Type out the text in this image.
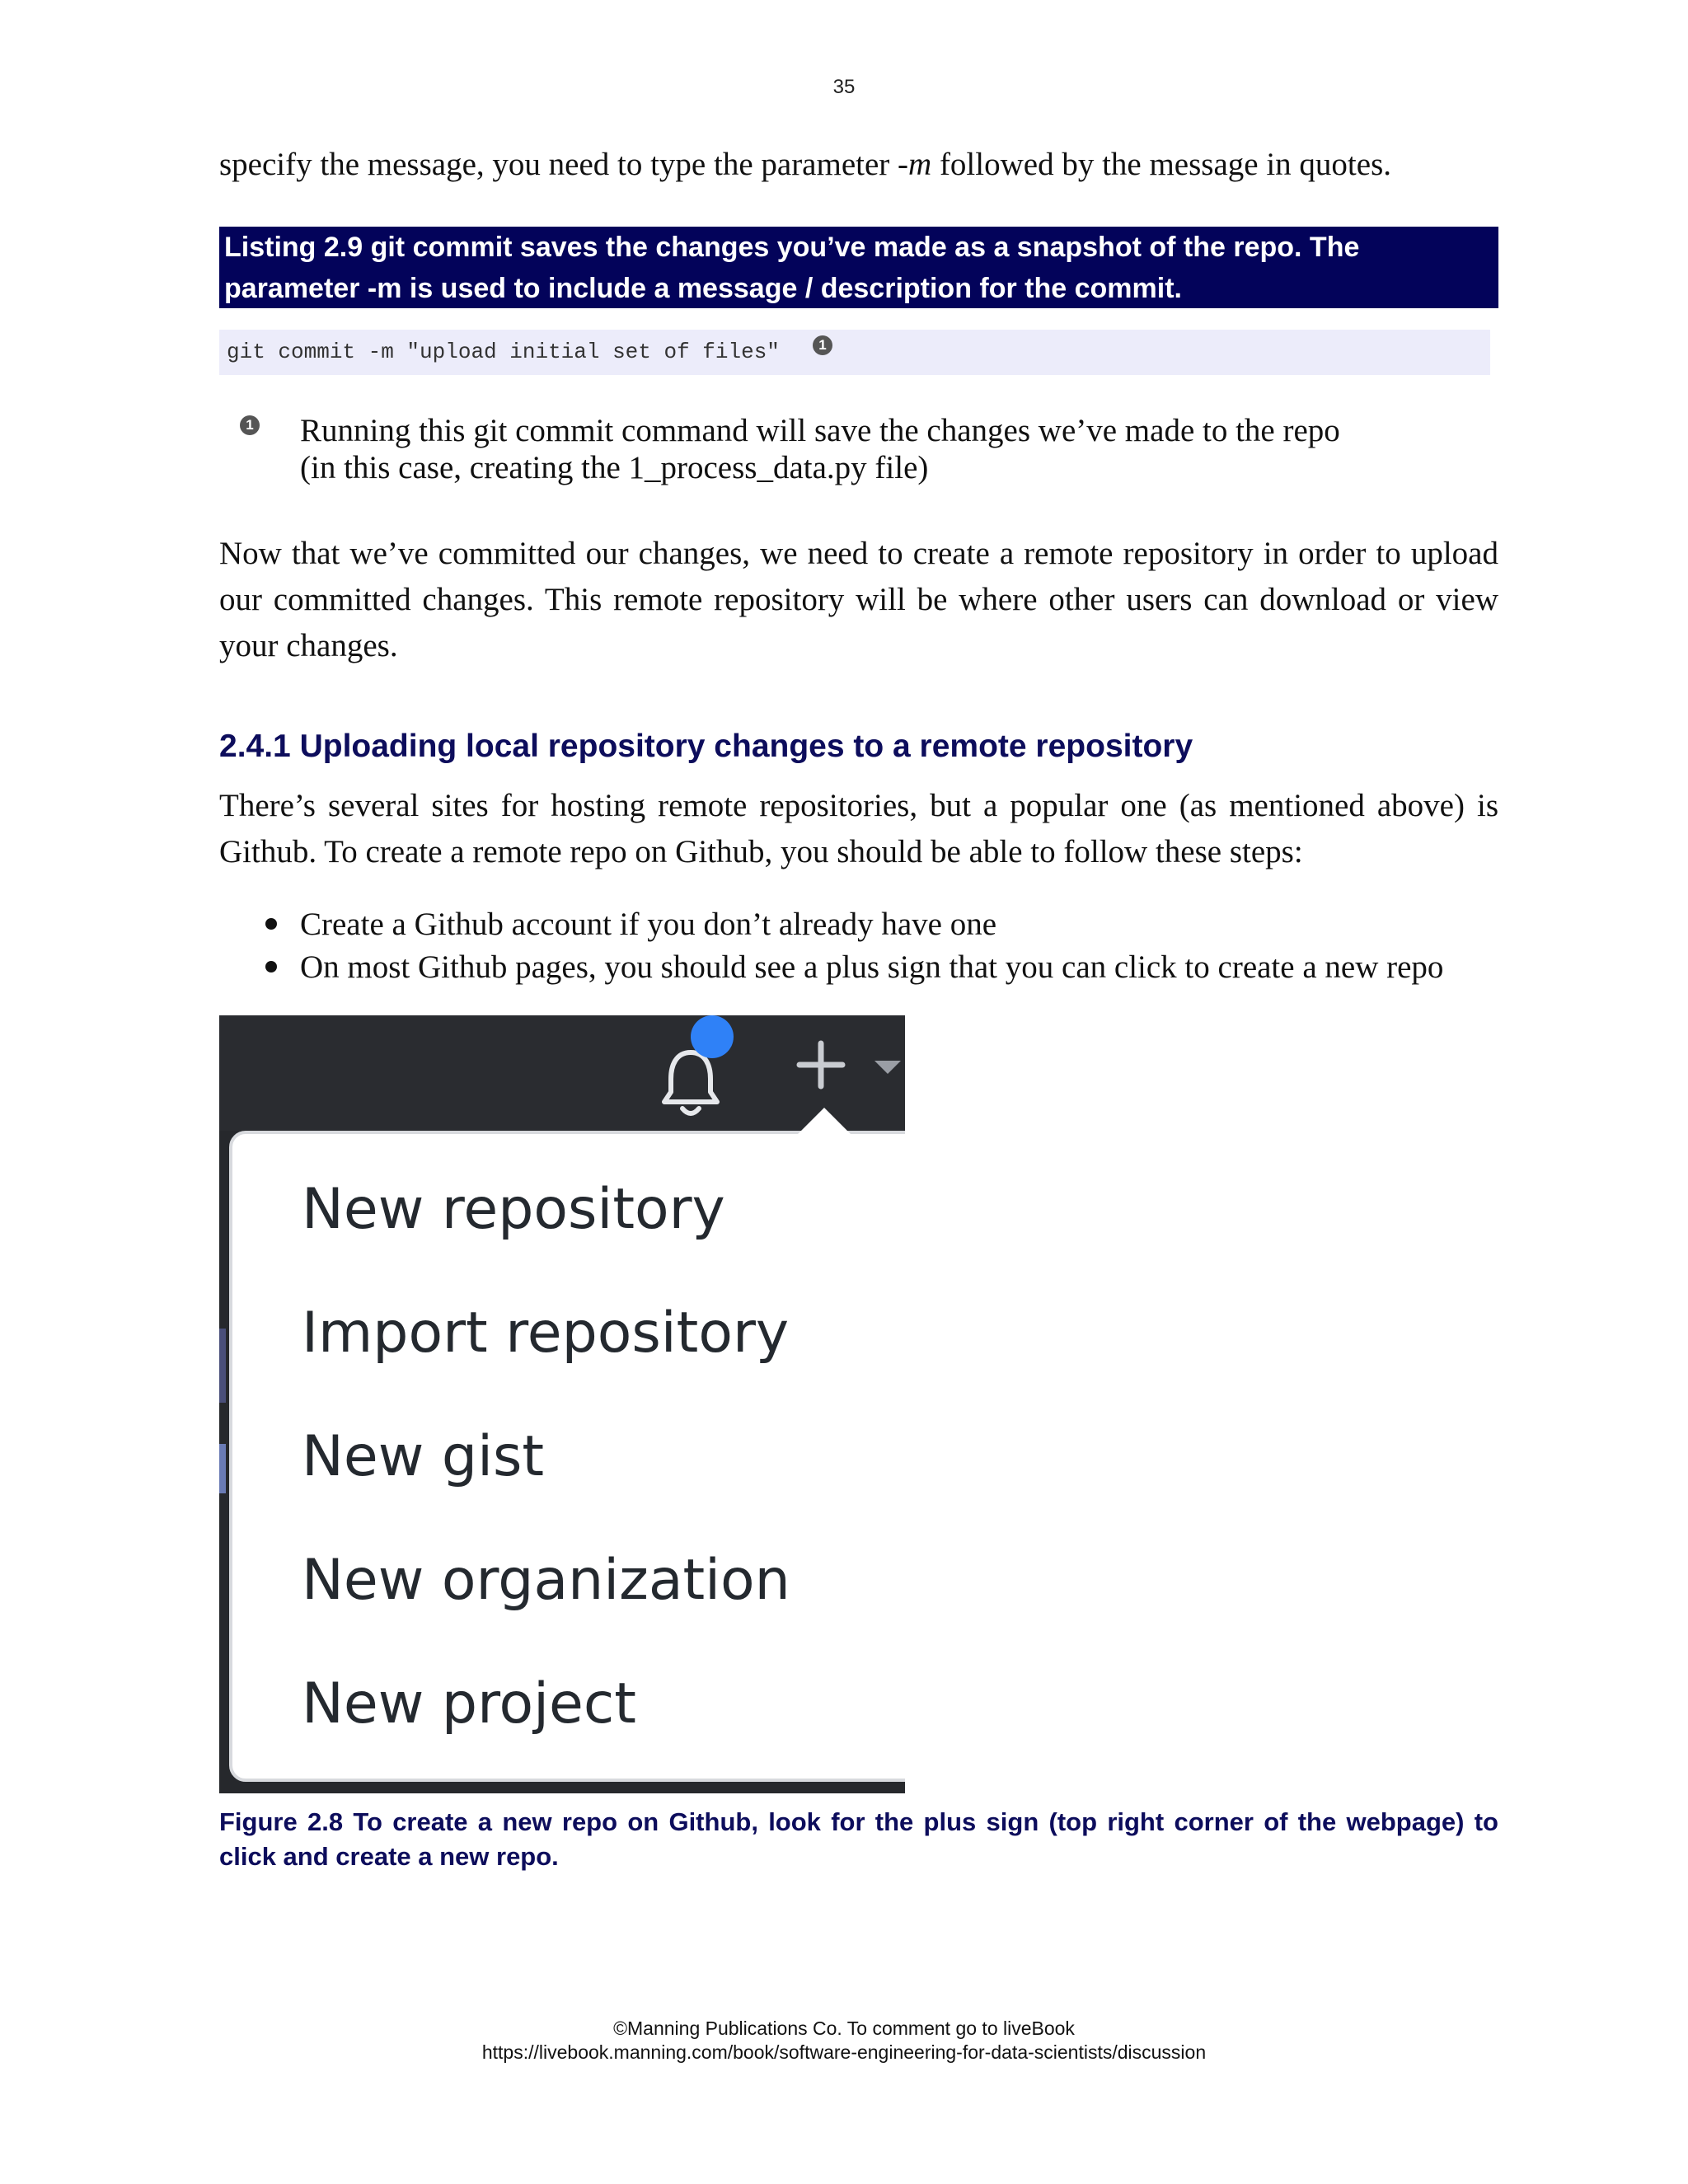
35
specify the message, you need to type the parameter -m followed by the message in quotes.
Listing 2.9 git commit saves the changes you’ve made as a snapshot of the repo. The
parameter -m is used to include a message / description for the commit.
git commit -m "upload initial set of files"	1
1 Running this git commit command will save the changes we’ve made to the repo
(in this case, creating the 1_process_data.py file)
Now that we’ve committed our changes, we need to create a remote repository in order to upload our committed changes. This remote repository will be where other users can download or view your changes.
2.4.1 Uploading local repository changes to a remote repository
There’s several sites for hosting remote repositories, but a popular one (as mentioned above) is Github. To create a remote repo on Github, you should be able to follow these steps:
Create a Github account if you don’t already have one
On most Github pages, you should see a plus sign that you can click to create a new repo
New repository
Import repository
New gist
New organization
New project
Figure 2.8 To create a new repo on Github, look for the plus sign (top right corner of the webpage) to click and create a new repo.
©Manning Publications Co. To comment go to liveBook
https://livebook.manning.com/book/software-engineering-for-data-scientists/discussion
